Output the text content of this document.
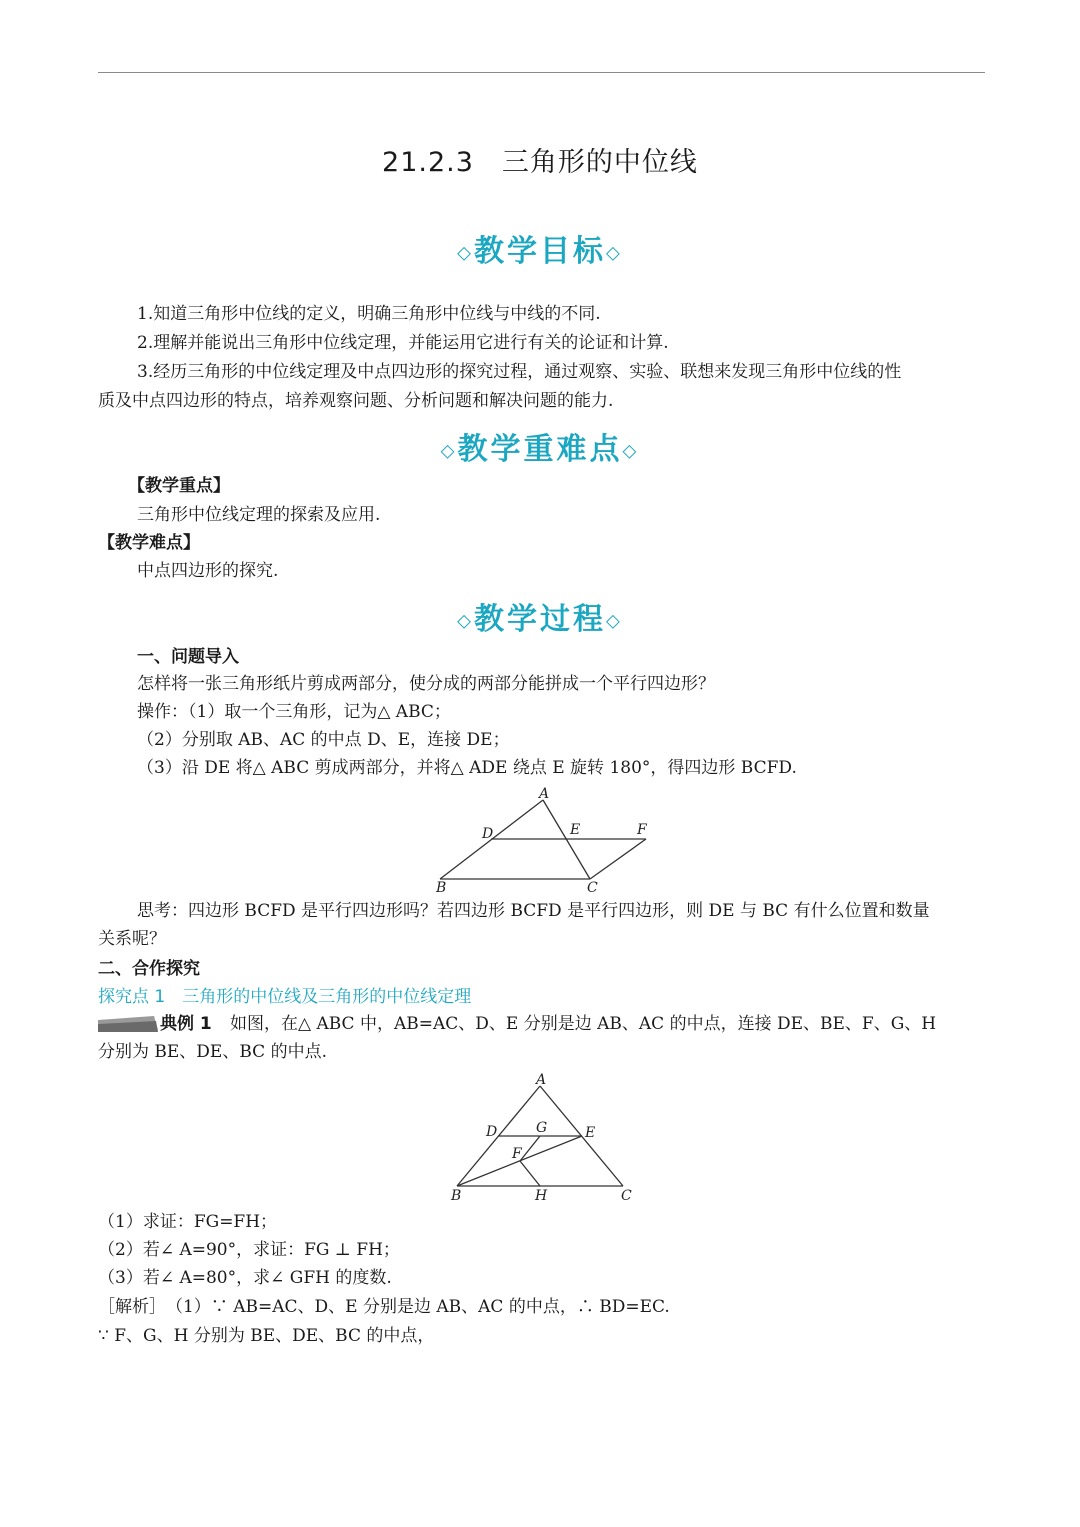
21.2.3　三角形的中位线
◇教学目标◇
1.知道三角形中位线的定义，明确三角形中位线与中线的不同.
2.理解并能说出三角形中位线定理，并能运用它进行有关的论证和计算.
3.经历三角形的中位线定理及中点四边形的探究过程，通过观察、实验、联想来发现三角形中位线的性
质及中点四边形的特点，培养观察问题、分析问题和解决问题的能力.
◇教学重难点◇
【教学重点】
三角形中位线定理的探索及应用.
【教学难点】
中点四边形的探究.
◇教学过程◇
一、问题导入
怎样将一张三角形纸片剪成两部分，使分成的两部分能拼成一个平行四边形？
操作：（1）取一个三角形，记为△ ABC；
（2）分别取 AB、AC 的中点 D、E，连接 DE；
（3）沿 DE 将△ ABC 剪成两部分，并将△ ADE 绕点 E 旋转 180°，得四边形 BCFD.
A
D	E	F
B	C
思考：四边形 BCFD 是平行四边形吗？若四边形 BCFD 是平行四边形，则 DE 与 BC 有什么位置和数量
关系呢？
二、合作探究
探究点 1　三角形的中位线及三角形的中位线定理
典例 1 如图，在△ ABC 中，AB=AC、D、E 分别是边 AB、AC 的中点，连接 DE、BE、F、G、H
分别为 BE、DE、BC 的中点.
A
D	G	E
F
B	H	C
（1）求证：FG=FH；
（2）若∠ A=90°，求证：FG ⊥ FH；
（3）若∠ A=80°，求∠ GFH 的度数.
［解析］　（1）∵ AB=AC、D、E 分别是边 AB、AC 的中点，∴ BD=EC.
∵ F、G、H 分别为 BE、DE、BC 的中点，
